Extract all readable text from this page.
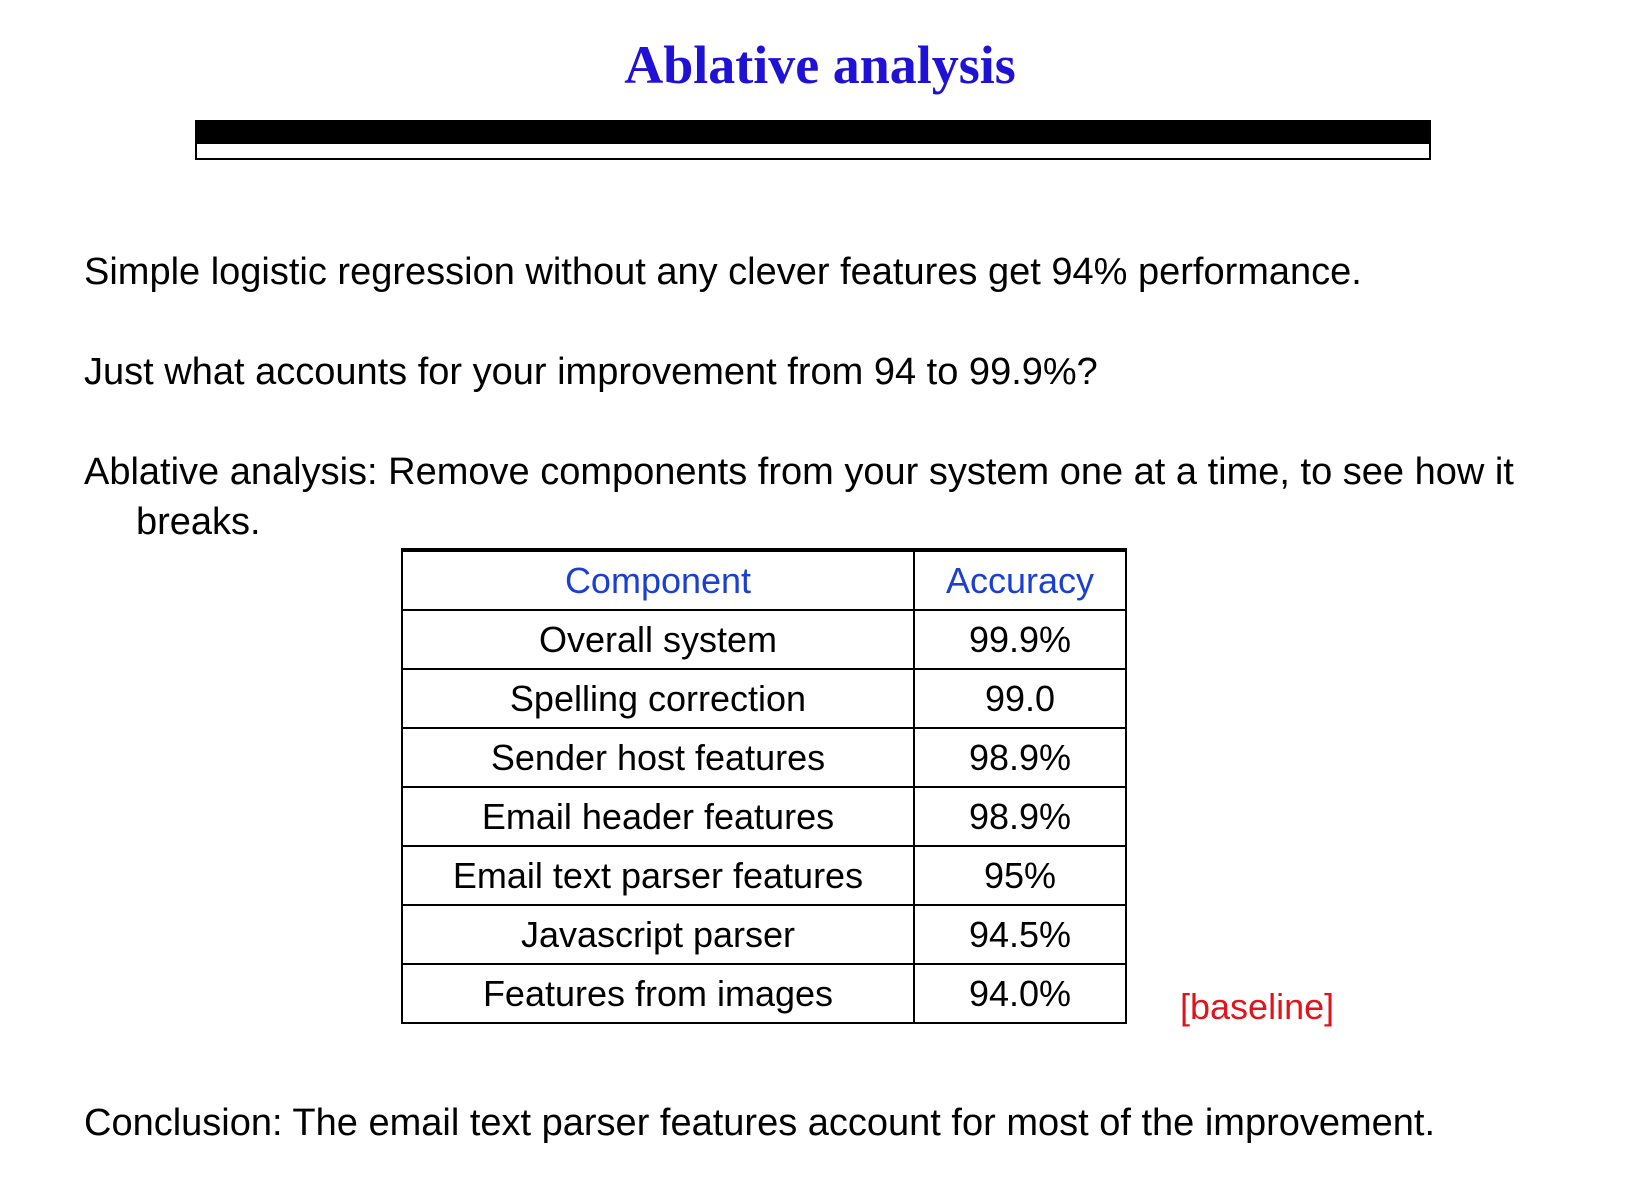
Ablative analysis

Simple logistic regression without any clever features get 94% performance.

Just what accounts for your improvement from 94 to 99.9%?

Ablative analysis: Remove components from your system one at a time, to see how it breaks.

Component	Accuracy
Overall system	99.9%
Spelling correction	99.0
Sender host features	98.9%
Email header features	98.9%
Email text parser features	95%
Javascript parser	94.5%
Features from images	94.0%	[baseline]

Conclusion: The email text parser features account for most of the improvement.
